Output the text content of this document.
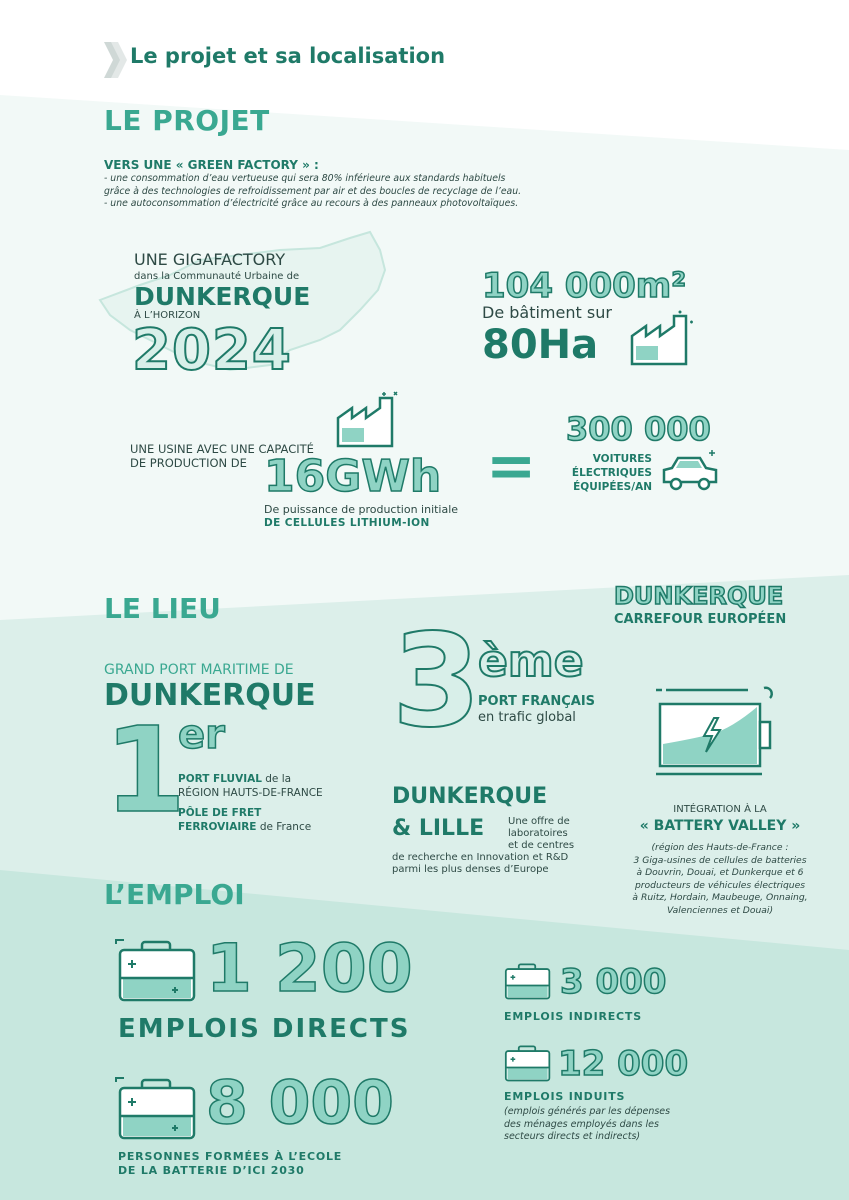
Le projet et sa localisation
LE PROJET
VERS UNE « GREEN FACTORY » :
- une consommation d’eau vertueuse qui sera 80% inférieure aux standards habituels
grâce à des technologies de refroidissement par air et des boucles de recyclage de l’eau.
- une autoconsommation d’électricité grâce au recours à des panneaux photovoltaïques.
UNE GIGAFACTORY
dans la Communauté Urbaine de
DUNKERQUE
À L’HORIZON
2024
104 000m²
De bâtiment sur
80Ha
UNE USINE AVEC UNE CAPACITÉ
DE PRODUCTION DE 16GWh
De puissance de production initiale
DE CELLULES LITHIUM-ION
=
300 000
VOITURES
ÉLECTRIQUES
ÉQUIPÉES/AN
LE LIEU	DUNKERQUE
CARREFOUR EUROPÉEN
GRAND PORT MARITIME DE
DUNKERQUE
1
er
PORT FLUVIAL de la
RÉGION HAUTS-DE-FRANCE
PÔLE DE FRET
FERROVIAIRE de France
3
ème
PORT FRANÇAIS
en trafic global
DUNKERQUE
& LILLE Une offre de
laboratoires
et de centres
de recherche en Innovation et R&D
parmi les plus denses d’Europe
INTÉGRATION À LA
« BATTERY VALLEY »
(région des Hauts-de-France :
3 Giga-usines de cellules de batteries
à Douvrin, Douai, et Dunkerque et 6
producteurs de véhicules électriques
à Ruitz, Hordain, Maubeuge, Onnaing,
Valenciennes et Douai)
L’EMPLOI
1 200
EMPLOIS DIRECTS
8 000
PERSONNES FORMÉES À L’ECOLE
DE LA BATTERIE D’ICI 2030
3 000
EMPLOIS INDIRECTS
12 000
EMPLOIS INDUITS
(emplois générés par les dépenses
des ménages employés dans les
secteurs directs et indirects)
